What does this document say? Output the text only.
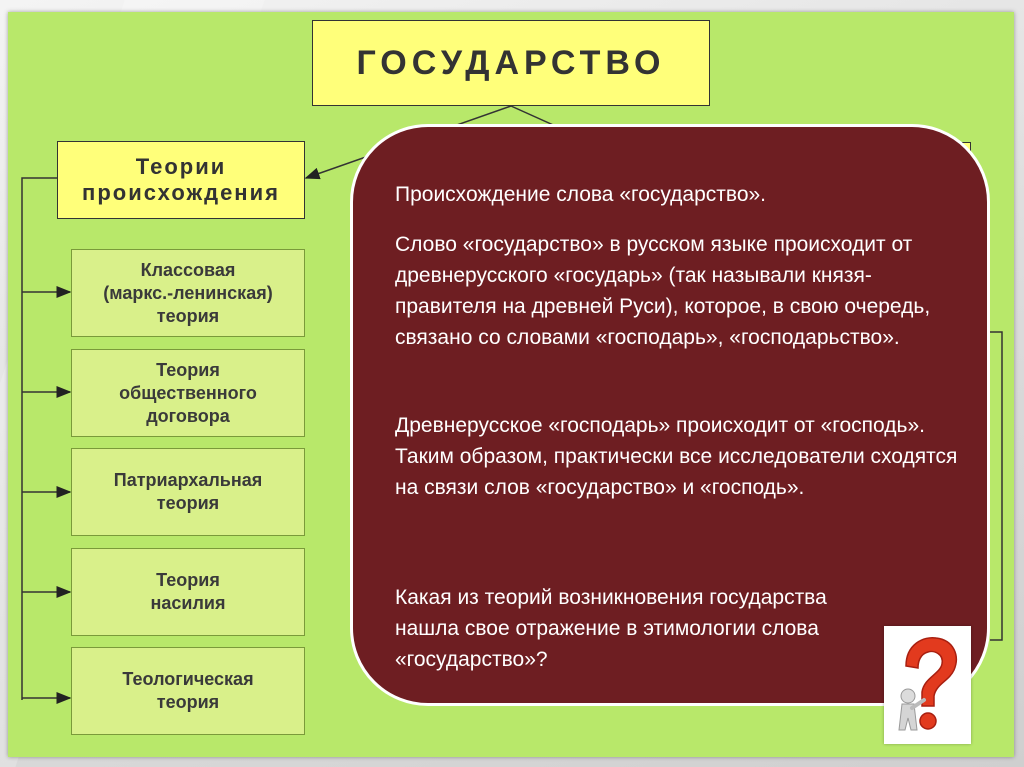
ГОСУДАРСТВО
Теории
происхождения
Классовая
(маркс.-ленинская)
теория
Теория
общественного
договора
Патриархальная
теория
Теория
насилия
Теологическая
теория
Происхождение слова «государство».
Слово «государство» в русском языке происходит от древнерусского «государь» (так называли князя-правителя на древней Руси), которое, в свою очередь, связано со словами «господарь», «господарьство».
Древнерусское «господарь» происходит от «господь». Таким образом, практически все исследователи сходятся на связи слов «государство» и «господь».
Какая из теорий возникновения государства нашла свое отражение в этимологии слова «государство»?
